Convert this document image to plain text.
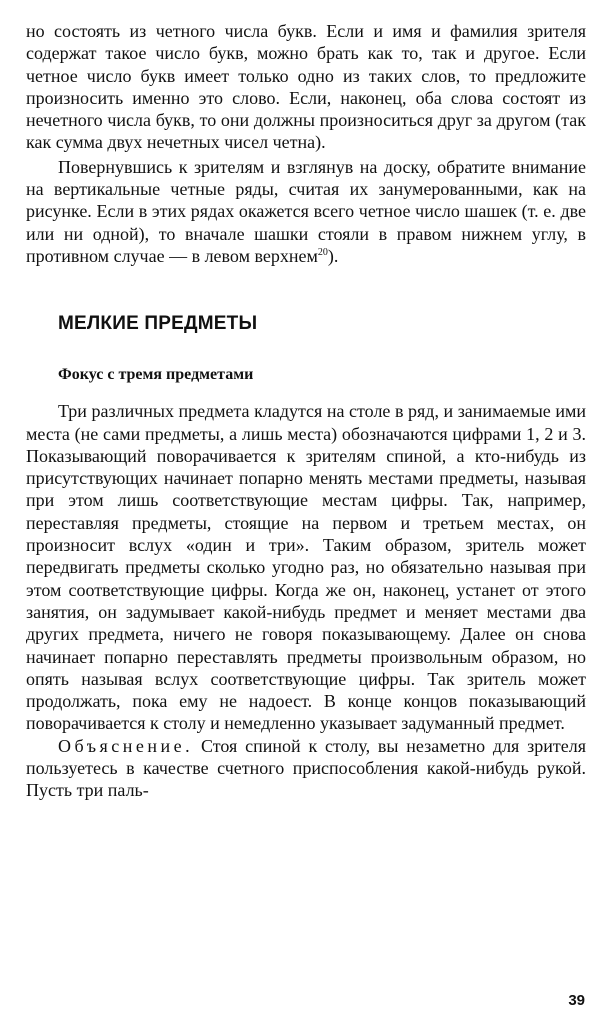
но состоять из четного числа букв. Если и имя и фамилия зрителя содержат такое число букв, можно брать как то, так и другое. Если четное число букв имеет только одно из таких слов, то предложите произносить именно это слово. Если, наконец, оба слова состоят из нечетного числа букв, то они должны произноситься друг за другом (так как сумма двух нечетных чисел четна).

Повернувшись к зрителям и взглянув на доску, обратите внимание на вертикальные четные ряды, считая их занумерованными, как на рисунке. Если в этих рядах окажется всего четное число шашек (т. е. две или ни одной), то вначале шашки стояли в правом нижнем углу, в противном случае — в левом верхнем$^{20}$).

МЕЛКИЕ ПРЕДМЕТЫ
Фокус с тремя предметами

Три различных предмета кладутся на столе в ряд, и занимаемые ими места (не сами предметы, а лишь места) обозначаются цифрами 1, 2 и 3. Показывающий поворачивается к зрителям спиной, а кто-нибудь из присутствующих начинает попарно менять местами предметы, называя при этом лишь соответствующие местам цифры. Так, например, переставляя предметы, стоящие на первом и третьем местах, он произносит вслух «один и три». Таким образом, зритель может передвигать предметы сколько угодно раз, но обязательно называя при этом соответствующие цифры. Когда же он, наконец, устанет от этого занятия, он задумывает какой-нибудь предмет и меняет местами два других предмета, ничего не говоря показывающему. Далее он снова начинает попарно переставлять предметы произвольным образом, но опять называя вслух соответствующие цифры. Так зритель может продолжать, пока ему не надоест. В конце концов показывающий поворачивается к столу и немедленно указывает задуманный предмет.

Объяснение. Стоя спиной к столу, вы незаметно для зрителя пользуетесь в качестве счетного приспособления какой-нибудь рукой. Пусть три паль-

39
